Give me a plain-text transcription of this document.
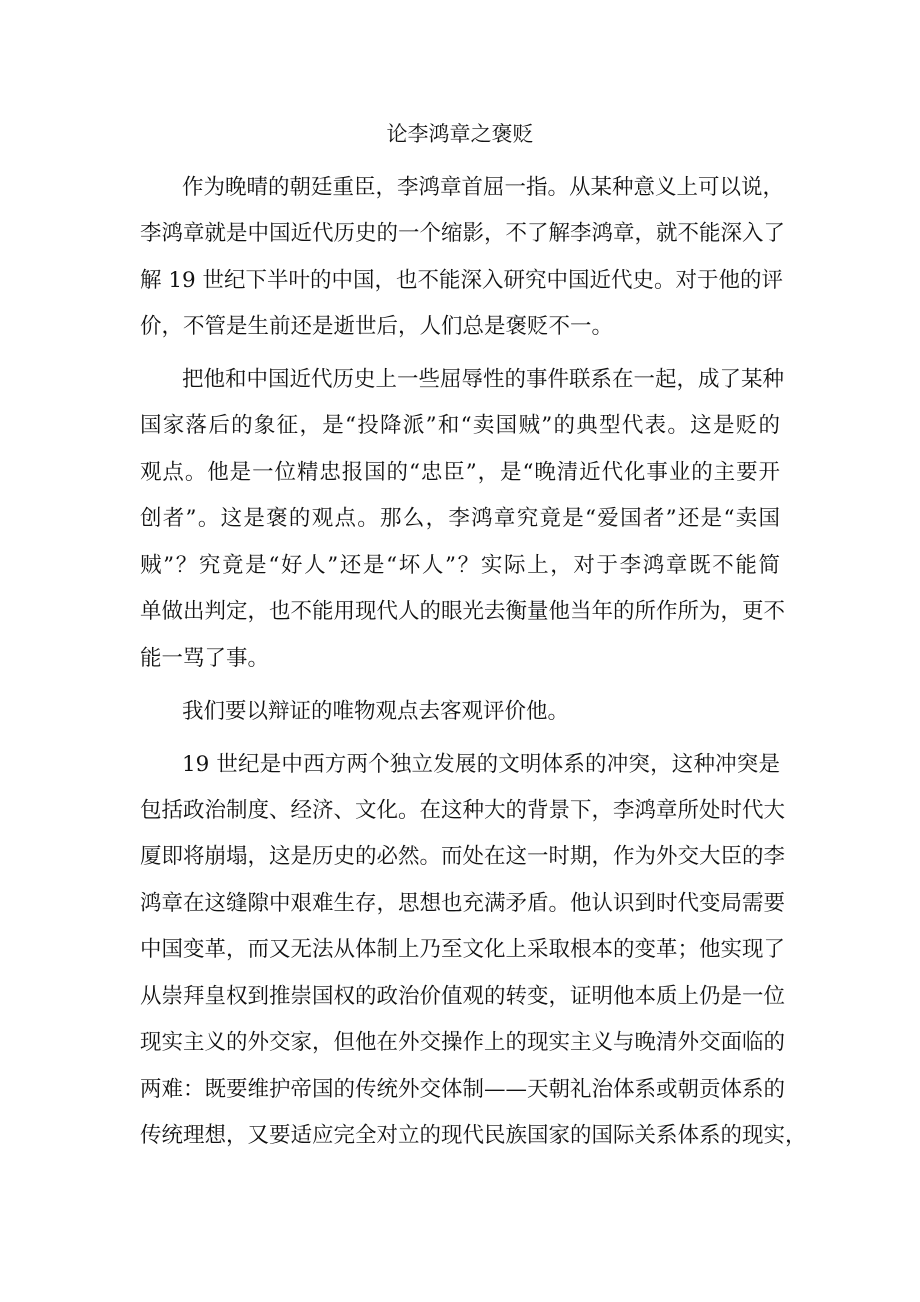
论李鸿章之褒贬
作为晚晴的朝廷重臣，李鸿章首屈一指。从某种意义上可以说，
李鸿章就是中国近代历史的一个缩影，不了解李鸿章，就不能深入了
解 19 世纪下半叶的中国，也不能深入研究中国近代史。对于他的评
价，不管是生前还是逝世后，人们总是褒贬不一。
把他和中国近代历史上一些屈辱性的事件联系在一起，成了某种
国家落后的象征，是“投降派”和“卖国贼”的典型代表。这是贬的
观点。他是一位精忠报国的“忠臣”，是“晚清近代化事业的主要开
创者”。这是褒的观点。那么，李鸿章究竟是“爱国者”还是“卖国
贼”？究竟是“好人”还是“坏人”？实际上，对于李鸿章既不能简
单做出判定，也不能用现代人的眼光去衡量他当年的所作所为，更不
能一骂了事。
我们要以辩证的唯物观点去客观评价他。
19 世纪是中西方两个独立发展的文明体系的冲突，这种冲突是
包括政治制度、经济、文化。在这种大的背景下，李鸿章所处时代大
厦即将崩塌，这是历史的必然。而处在这一时期，作为外交大臣的李
鸿章在这缝隙中艰难生存，思想也充满矛盾。他认识到时代变局需要
中国变革，而又无法从体制上乃至文化上采取根本的变革；他实现了
从崇拜皇权到推崇国权的政治价值观的转变，证明他本质上仍是一位
现实主义的外交家，但他在外交操作上的现实主义与晚清外交面临的
两难：既要维护帝国的传统外交体制——天朝礼治体系或朝贡体系的
传统理想，又要适应完全对立的现代民族国家的国际关系体系的现实，
